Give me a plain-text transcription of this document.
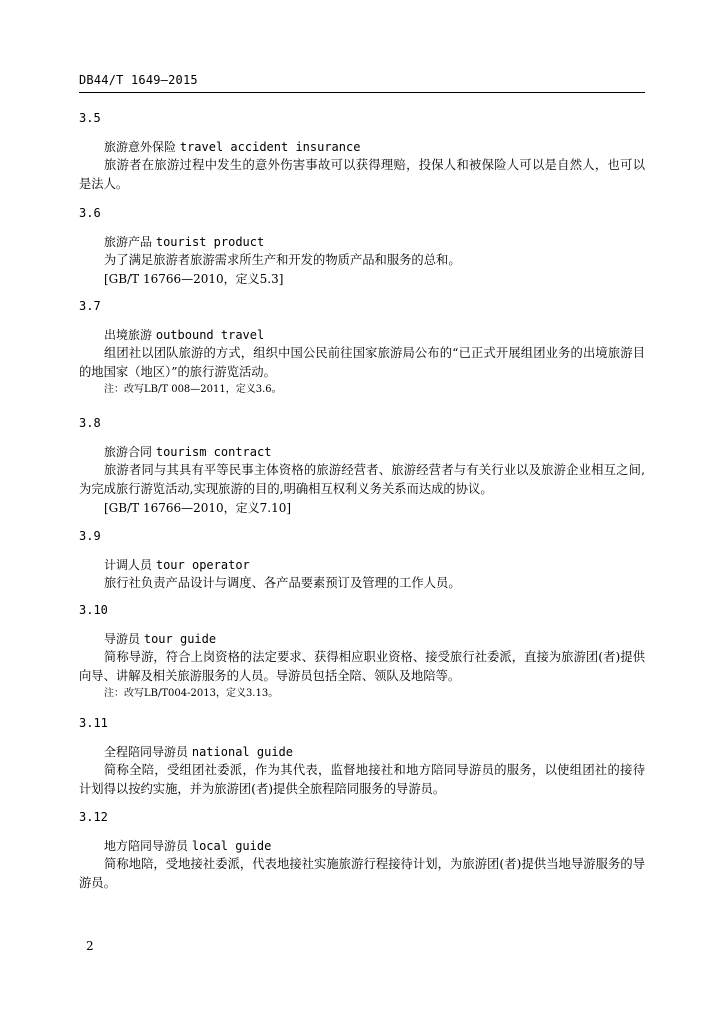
DB44/T 1649—2015
3.5
旅游意外保险 travel accident insurance
旅游者在旅游过程中发生的意外伤害事故可以获得理赔，投保人和被保险人可以是自然人，也可以是法人。
3.6
旅游产品 tourist product
为了满足旅游者旅游需求所生产和开发的物质产品和服务的总和。
[GB/T 16766—2010，定义5.3]
3.7
出境旅游 outbound travel
组团社以团队旅游的方式，组织中国公民前往国家旅游局公布的“已正式开展组团业务的出境旅游目的地国家（地区）”的旅行游览活动。
注：改写LB/T 008—2011，定义3.6。
3.8
旅游合同 tourism contract
旅游者同与其具有平等民事主体资格的旅游经营者、旅游经营者与有关行业以及旅游企业相互之间,为完成旅行游览活动,实现旅游的目的,明确相互权利义务关系而达成的协议。
[GB/T 16766—2010，定义7.10]
3.9
计调人员 tour operator
旅行社负责产品设计与调度、各产品要素预订及管理的工作人员。
3.10
导游员 tour guide
简称导游，符合上岗资格的法定要求、获得相应职业资格、接受旅行社委派，直接为旅游团(者)提供向导、讲解及相关旅游服务的人员。导游员包括全陪、领队及地陪等。
注：改写LB/T004-2013，定义3.13。
3.11
全程陪同导游员 national guide
简称全陪，受组团社委派，作为其代表，监督地接社和地方陪同导游员的服务，以使组团社的接待计划得以按约实施，并为旅游团(者)提供全旅程陪同服务的导游员。
3.12
地方陪同导游员 local guide
简称地陪，受地接社委派，代表地接社实施旅游行程接待计划，为旅游团(者)提供当地导游服务的导游员。
2
